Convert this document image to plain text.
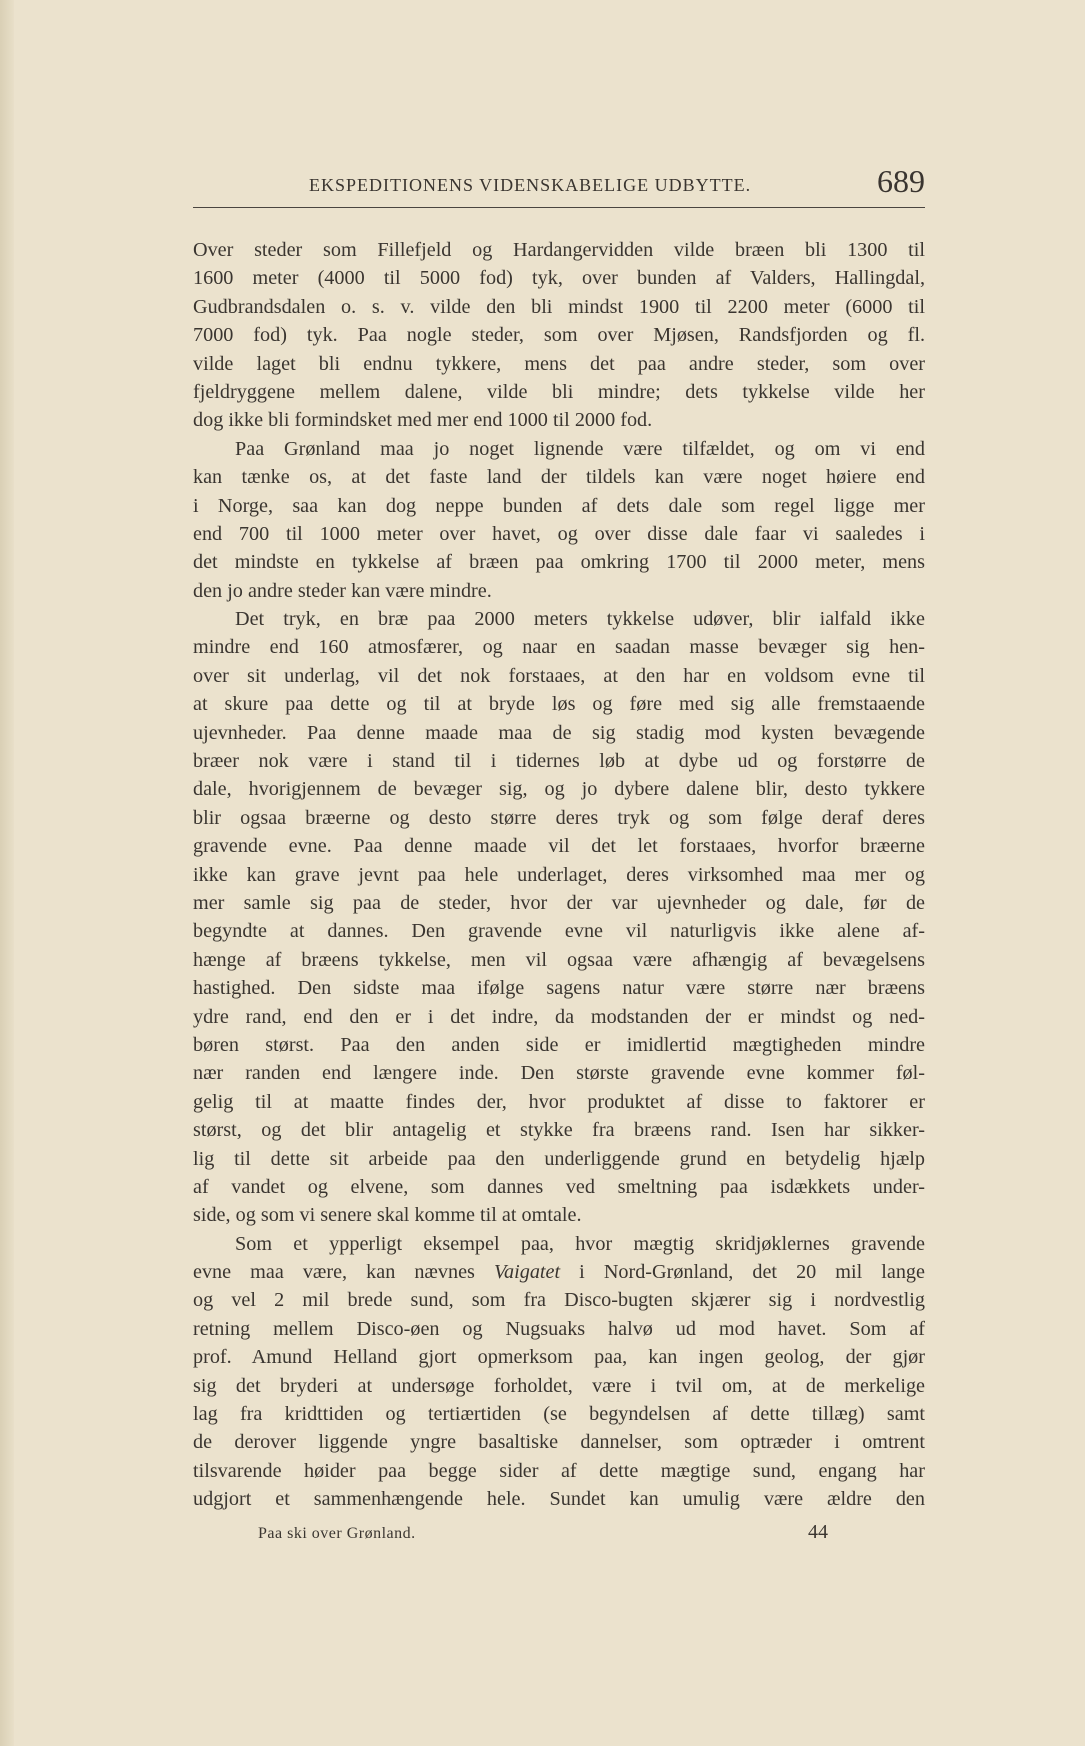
EKSPEDITIONENS VIDENSKABELIGE UDBYTTE.	689
Over steder som Fillefjeld og Hardangervidden vilde bræen bli 1300 til
1600 meter (4000 til 5000 fod) tyk, over bunden af Valders, Hallingdal,
Gudbrandsdalen o. s. v. vilde den bli mindst 1900 til 2200 meter (6000 til
7000 fod) tyk. Paa nogle steder, som over Mjøsen, Randsfjorden og fl.
vilde laget bli endnu tykkere, mens det paa andre steder, som over
fjeldryggene mellem dalene, vilde bli mindre; dets tykkelse vilde her
dog ikke bli formindsket med mer end 1000 til 2000 fod.
Paa Grønland maa jo noget lignende være tilfældet, og om vi end
kan tænke os, at det faste land der tildels kan være noget høiere end
i Norge, saa kan dog neppe bunden af dets dale som regel ligge mer
end 700 til 1000 meter over havet, og over disse dale faar vi saaledes i
det mindste en tykkelse af bræen paa omkring 1700 til 2000 meter, mens
den jo andre steder kan være mindre.
Det tryk, en bræ paa 2000 meters tykkelse udøver, blir ialfald ikke
mindre end 160 atmosfærer, og naar en saadan masse bevæger sig hen-
over sit underlag, vil det nok forstaaes, at den har en voldsom evne til
at skure paa dette og til at bryde løs og føre med sig alle fremstaaende
ujevnheder. Paa denne maade maa de sig stadig mod kysten bevægende
bræer nok være i stand til i tidernes løb at dybe ud og forstørre de
dale, hvorigjennem de bevæger sig, og jo dybere dalene blir, desto tykkere
blir ogsaa bræerne og desto større deres tryk og som følge deraf deres
gravende evne. Paa denne maade vil det let forstaaes, hvorfor bræerne
ikke kan grave jevnt paa hele underlaget, deres virksomhed maa mer og
mer samle sig paa de steder, hvor der var ujevnheder og dale, før de
begyndte at dannes. Den gravende evne vil naturligvis ikke alene af-
hænge af bræens tykkelse, men vil ogsaa være afhængig af bevægelsens
hastighed. Den sidste maa ifølge sagens natur være større nær bræens
ydre rand, end den er i det indre, da modstanden der er mindst og ned-
børen størst. Paa den anden side er imidlertid mægtigheden mindre
nær randen end længere inde. Den største gravende evne kommer føl-
gelig til at maatte findes der, hvor produktet af disse to faktorer er
størst, og det blir antagelig et stykke fra bræens rand. Isen har sikker-
lig til dette sit arbeide paa den underliggende grund en betydelig hjælp
af vandet og elvene, som dannes ved smeltning paa isdækkets under-
side, og som vi senere skal komme til at omtale.
Som et ypperligt eksempel paa, hvor mægtig skridjøklernes gravende
evne maa være, kan nævnes Vaigatet i Nord-Grønland, det 20 mil lange
og vel 2 mil brede sund, som fra Disco-bugten skjærer sig i nordvestlig
retning mellem Disco-øen og Nugsuaks halvø ud mod havet. Som af
prof. Amund Helland gjort opmerksom paa, kan ingen geolog, der gjør
sig det bryderi at undersøge forholdet, være i tvil om, at de merkelige
lag fra kridttiden og tertiærtiden (se begyndelsen af dette tillæg) samt
de derover liggende yngre basaltiske dannelser, som optræder i omtrent
tilsvarende høider paa begge sider af dette mægtige sund, engang har
udgjort et sammenhængende hele. Sundet kan umulig være ældre den
Paa ski over Grønland.	44
